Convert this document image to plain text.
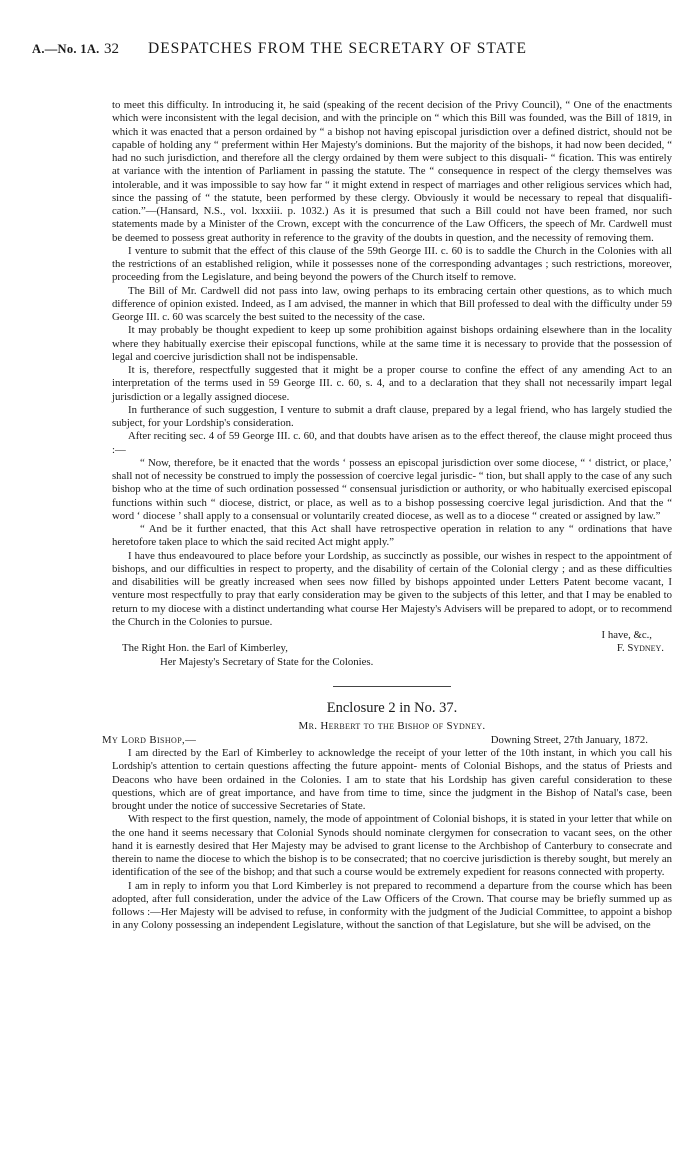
A.—No. 1A. 32	DESPATCHES FROM THE SECRETARY OF STATE

to meet this difficulty. In introducing it, he said (speaking of the recent decision of the Privy Council), “ One of the enactments which were inconsistent with the legal decision, and with the principle on “ which this Bill was founded, was the Bill of 1819, in which it was enacted that a person ordained by “ a bishop not having episcopal jurisdiction over a defined district, should not be capable of holding any “ preferment within Her Majesty's dominions. But the majority of the bishops, it had now been decided, “ had no such jurisdiction, and therefore all the clergy ordained by them were subject to this disquali- “ fication. This was entirely at variance with the intention of Parliament in passing the statute. The “ consequence in respect of the clergy themselves was intolerable, and it was impossible to say how far “ it might extend in respect of marriages and other religious services which had, since the passing of “ the statute, been performed by these clergy. Obviously it would be necessary to repeal that disqualifi- cation.”—(Hansard, N.S., vol. lxxxiii. p. 1032.) As it is presumed that such a Bill could not have been framed, nor such statements made by a Minister of the Crown, except with the concurrence of the Law Officers, the speech of Mr. Cardwell must be deemed to possess great authority in reference to the gravity of the doubts in question, and the necessity of removing them.

I venture to submit that the effect of this clause of the 59th George III. c. 60 is to saddle the Church in the Colonies with all the restrictions of an established religion, while it possesses none of the corresponding advantages ; such restrictions, moreover, proceeding from the Legislature, and being beyond the powers of the Church itself to remove.

The Bill of Mr. Cardwell did not pass into law, owing perhaps to its embracing certain other questions, as to which much difference of opinion existed. Indeed, as I am advised, the manner in which that Bill professed to deal with the difficulty under 59 George III. c. 60 was scarcely the best suited to the necessity of the case.

It may probably be thought expedient to keep up some prohibition against bishops ordaining elsewhere than in the locality where they habitually exercise their episcopal functions, while at the same time it is necessary to provide that the possession of legal and coercive jurisdiction shall not be indispensable.

It is, therefore, respectfully suggested that it might be a proper course to confine the effect of any amending Act to an interpretation of the terms used in 59 George III. c. 60, s. 4, and to a declaration that they shall not necessarily impart legal jurisdiction or a legally assigned diocese.

In furtherance of such suggestion, I venture to submit a draft clause, prepared by a legal friend, who has largely studied the subject, for your Lordship's consideration.

After reciting sec. 4 of 59 George III. c. 60, and that doubts have arisen as to the effect thereof, the clause might proceed thus :—

“ Now, therefore, be it enacted that the words ‘ possess an episcopal jurisdiction over some diocese, “ ‘ district, or place,’ shall not of necessity be construed to imply the possession of coercive legal jurisdic- “ tion, but shall apply to the case of any such bishop who at the time of such ordination possessed “ consensual jurisdiction or authority, or who habitually exercised episcopal functions within such “ diocese, district, or place, as well as to a bishop possessing coercive legal jurisdiction. And that the “ word ‘ diocese ’ shall apply to a consensual or voluntarily created diocese, as well as to a diocese “ created or assigned by law.”

“ And be it further enacted, that this Act shall have retrospective operation in relation to any “ ordinations that have heretofore taken place to which the said recited Act might apply.”

I have thus endeavoured to place before your Lordship, as succinctly as possible, our wishes in respect to the appointment of bishops, and our difficulties in respect to property, and the disability of certain of the Colonial clergy ; and as these difficulties and disabilities will be greatly increased when sees now filled by bishops appointed under Letters Patent become vacant, I venture most respectfully to pray that early consideration may be given to the subjects of this letter, and that I may be enabled to return to my diocese with a distinct undertanding what course Her Majesty's Advisers will be prepared to adopt, or to recommend the Church in the Colonies to pursue.

I have, &c.,

The Right Hon. the Earl of Kimberley,	F. Sydney.

Her Majesty's Secretary of State for the Colonies.

Enclosure 2 in No. 37.
Mr. Herbert to the Bishop of Sydney.
My Lord Bishop,—	Downing Street, 27th January, 1872.

I am directed by the Earl of Kimberley to acknowledge the receipt of your letter of the 10th instant, in which you call his Lordship's attention to certain questions affecting the future appoint- ments of Colonial Bishops, and the status of Priests and Deacons who have been ordained in the Colonies. I am to state that his Lordship has given careful consideration to these questions, which are of great importance, and have from time to time, since the judgment in the Bishop of Natal's case, been brought under the notice of successive Secretaries of State.

With respect to the first question, namely, the mode of appointment of Colonial bishops, it is stated in your letter that while on the one hand it seems necessary that Colonial Synods should nominate clergymen for consecration to vacant sees, on the other hand it is earnestly desired that Her Majesty may be advised to grant license to the Archbishop of Canterbury to consecrate and therein to name the diocese to which the bishop is to be consecrated; that no coercive jurisdiction is thereby sought, but merely an identification of the see of the bishop; and that such a course would be extremely expedient for reasons connected with property.

I am in reply to inform you that Lord Kimberley is not prepared to recommend a departure from the course which has been adopted, after full consideration, under the advice of the Law Officers of the Crown. That course may be briefly summed up as follows :—Her Majesty will be advised to refuse, in conformity with the judgment of the Judicial Committee, to appoint a bishop in any Colony possessing an independent Legislature, without the sanction of that Legislature, but she will be advised, on the
